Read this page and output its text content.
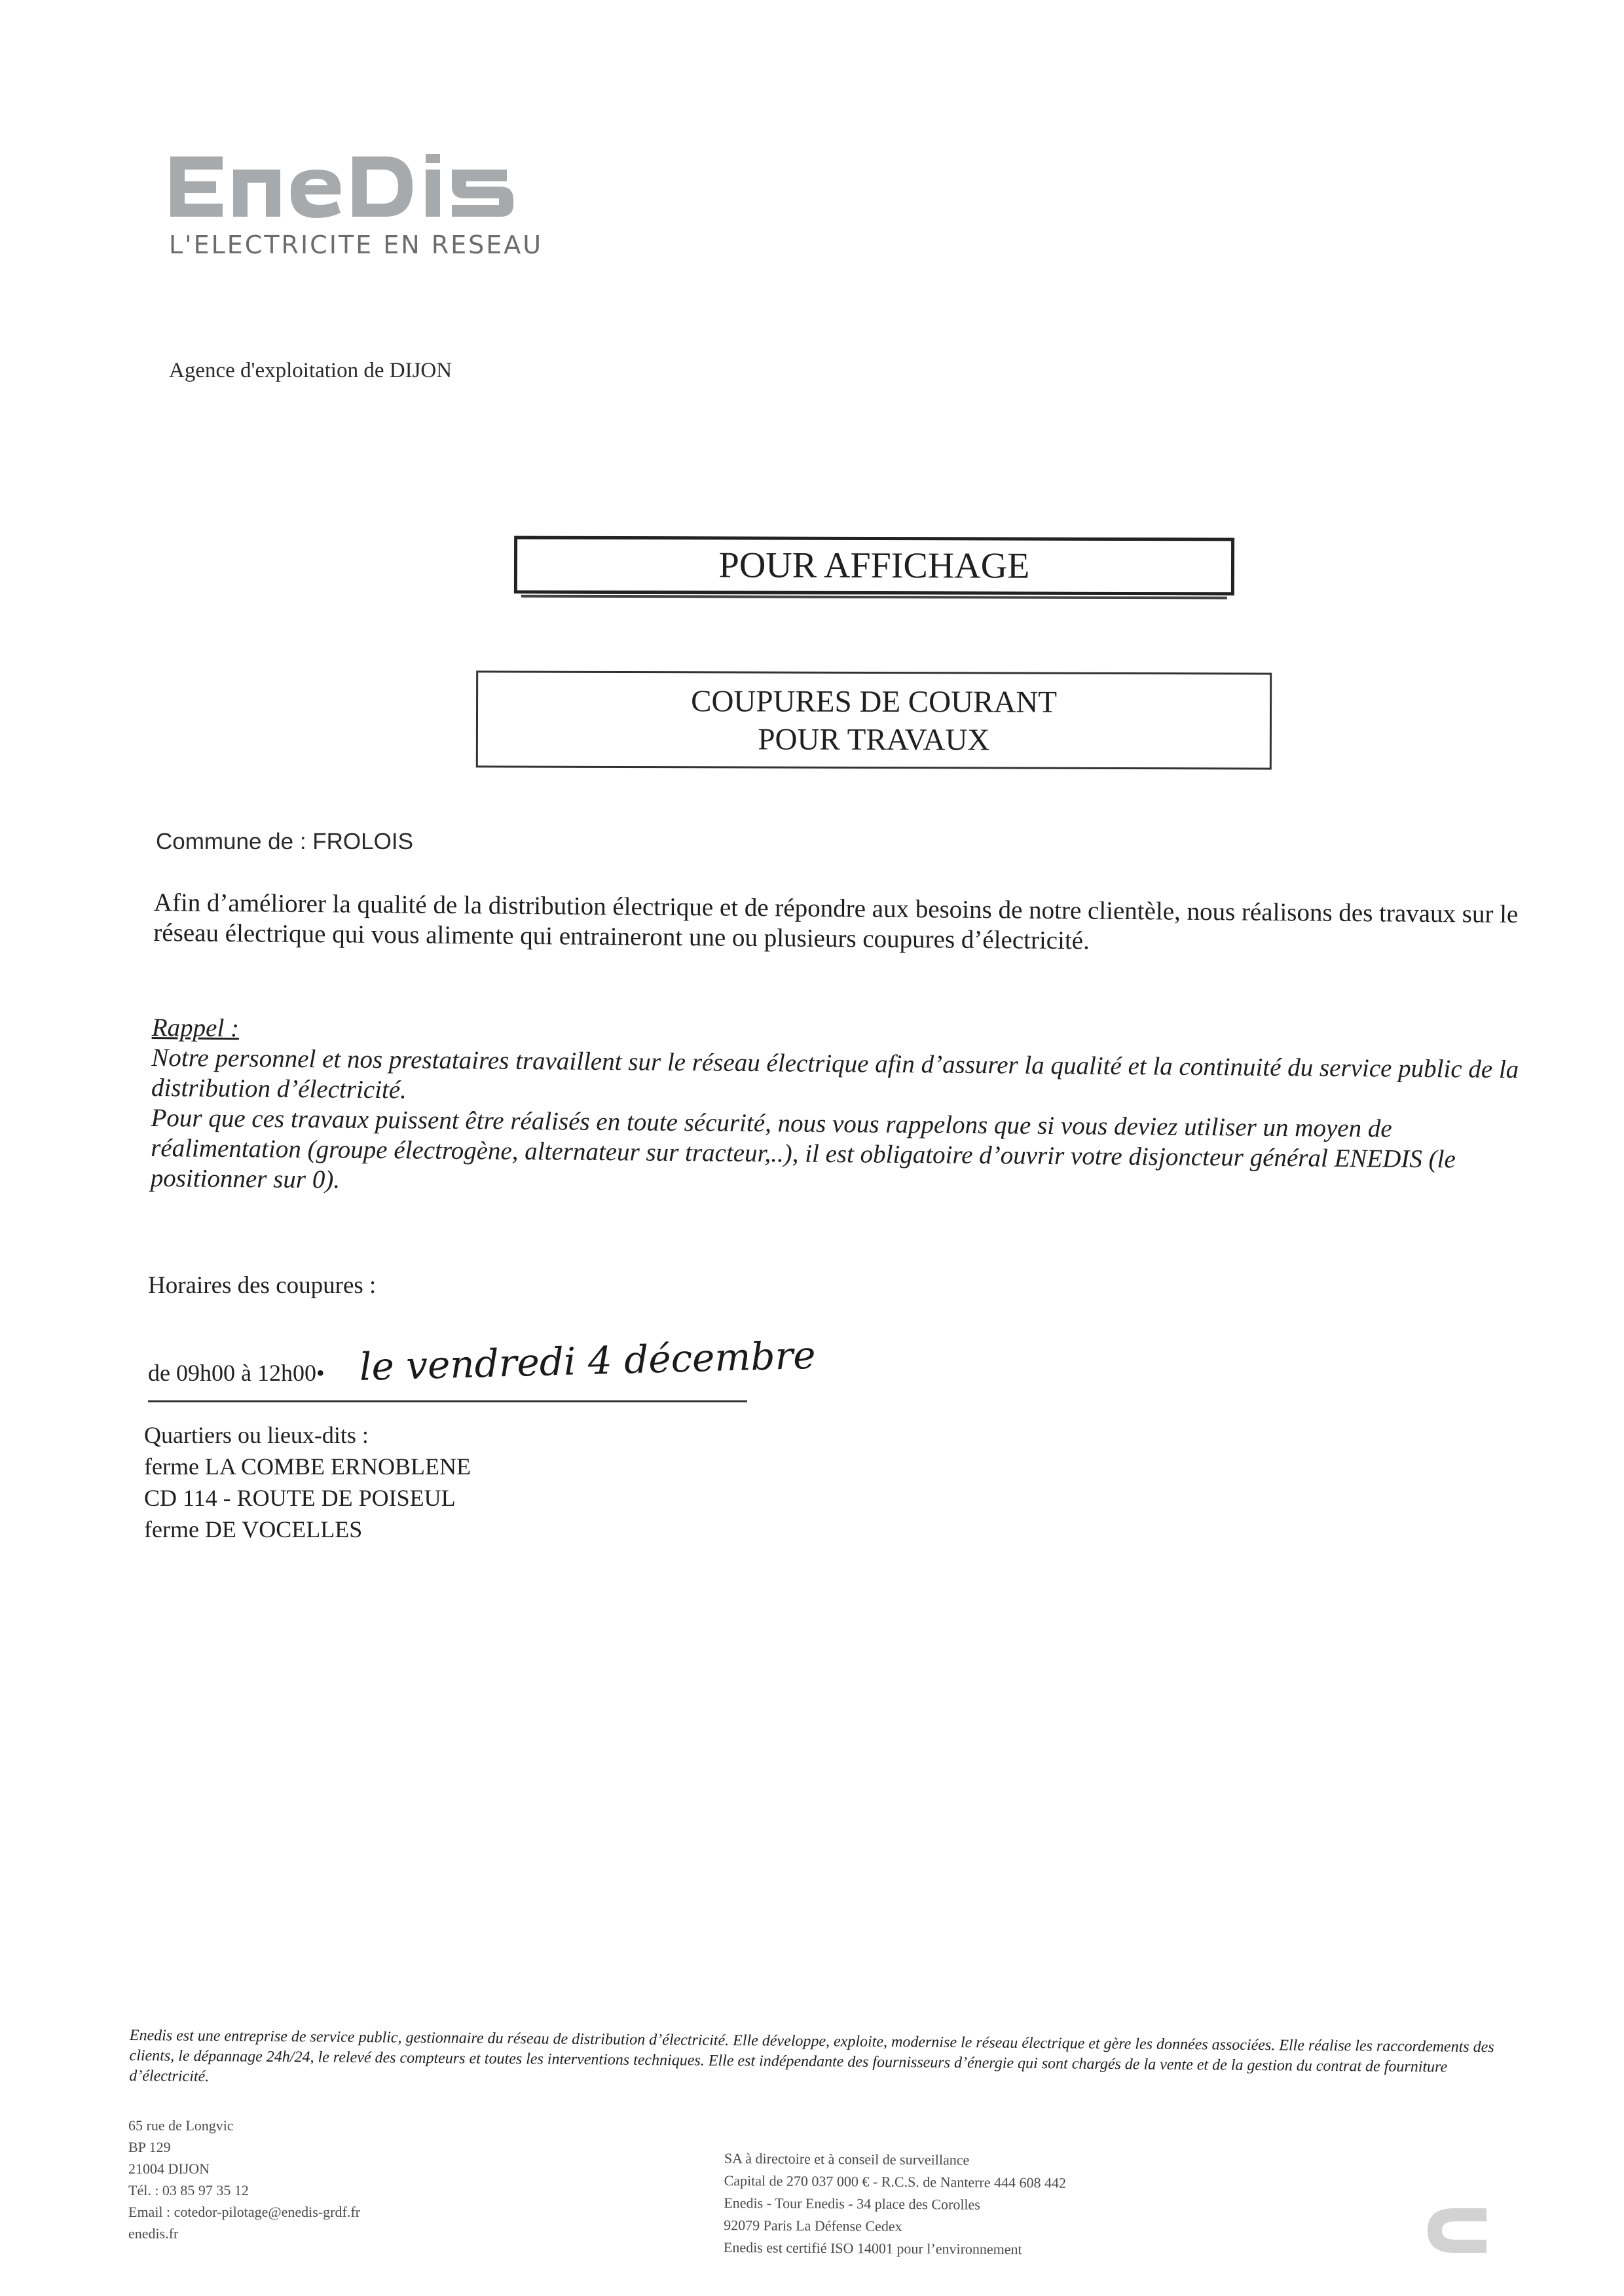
L'ELECTRICITE EN RESEAU
Agence d'exploitation de DIJON
POUR AFFICHAGE
COUPURES DE COURANT
POUR TRAVAUX
Commune de : FROLOIS
Afin d’améliorer la qualité de la distribution électrique et de répondre aux besoins de notre clientèle, nous réalisons des travaux sur le réseau électrique qui vous alimente qui entraineront une ou plusieurs coupures d’électricité.
Rappel :

Notre personnel et nos prestataires travaillent sur le réseau électrique afin d’assurer la qualité et la continuité du service public de la distribution d’électricité.

Pour que ces travaux puissent être réalisés en toute sécurité, nous vous rappelons que si vous deviez utiliser un moyen de réalimentation (groupe électrogène, alternateur sur tracteur,..), il est obligatoire d’ouvrir votre disjoncteur général ENEDIS (le positionner sur 0).

Horaires des coupures :
de 09h00 à 12h00• le vendredi 4 décembre
Quartiers ou lieux-dits :
ferme LA COMBE ERNOBLENE
CD 114 - ROUTE DE POISEUL
ferme DE VOCELLES
Enedis est une entreprise de service public, gestionnaire du réseau de distribution d’électricité. Elle développe, exploite, modernise le réseau électrique et gère les données associées. Elle réalise les raccordements des clients, le dépannage 24h/24, le relevé des compteurs et toutes les interventions techniques. Elle est indépendante des fournisseurs d’énergie qui sont chargés de la vente et de la gestion du contrat de fourniture d’électricité.
65 rue de Longvic
BP 129
21004 DIJON
Tél. : 03 85 97 35 12
Email : cotedor-pilotage@enedis-grdf.fr
enedis.fr
SA à directoire et à conseil de surveillance
Capital de 270 037 000 € - R.C.S. de Nanterre 444 608 442
Enedis - Tour Enedis - 34 place des Corolles
92079 Paris La Défense Cedex
Enedis est certifié ISO 14001 pour l’environnement
